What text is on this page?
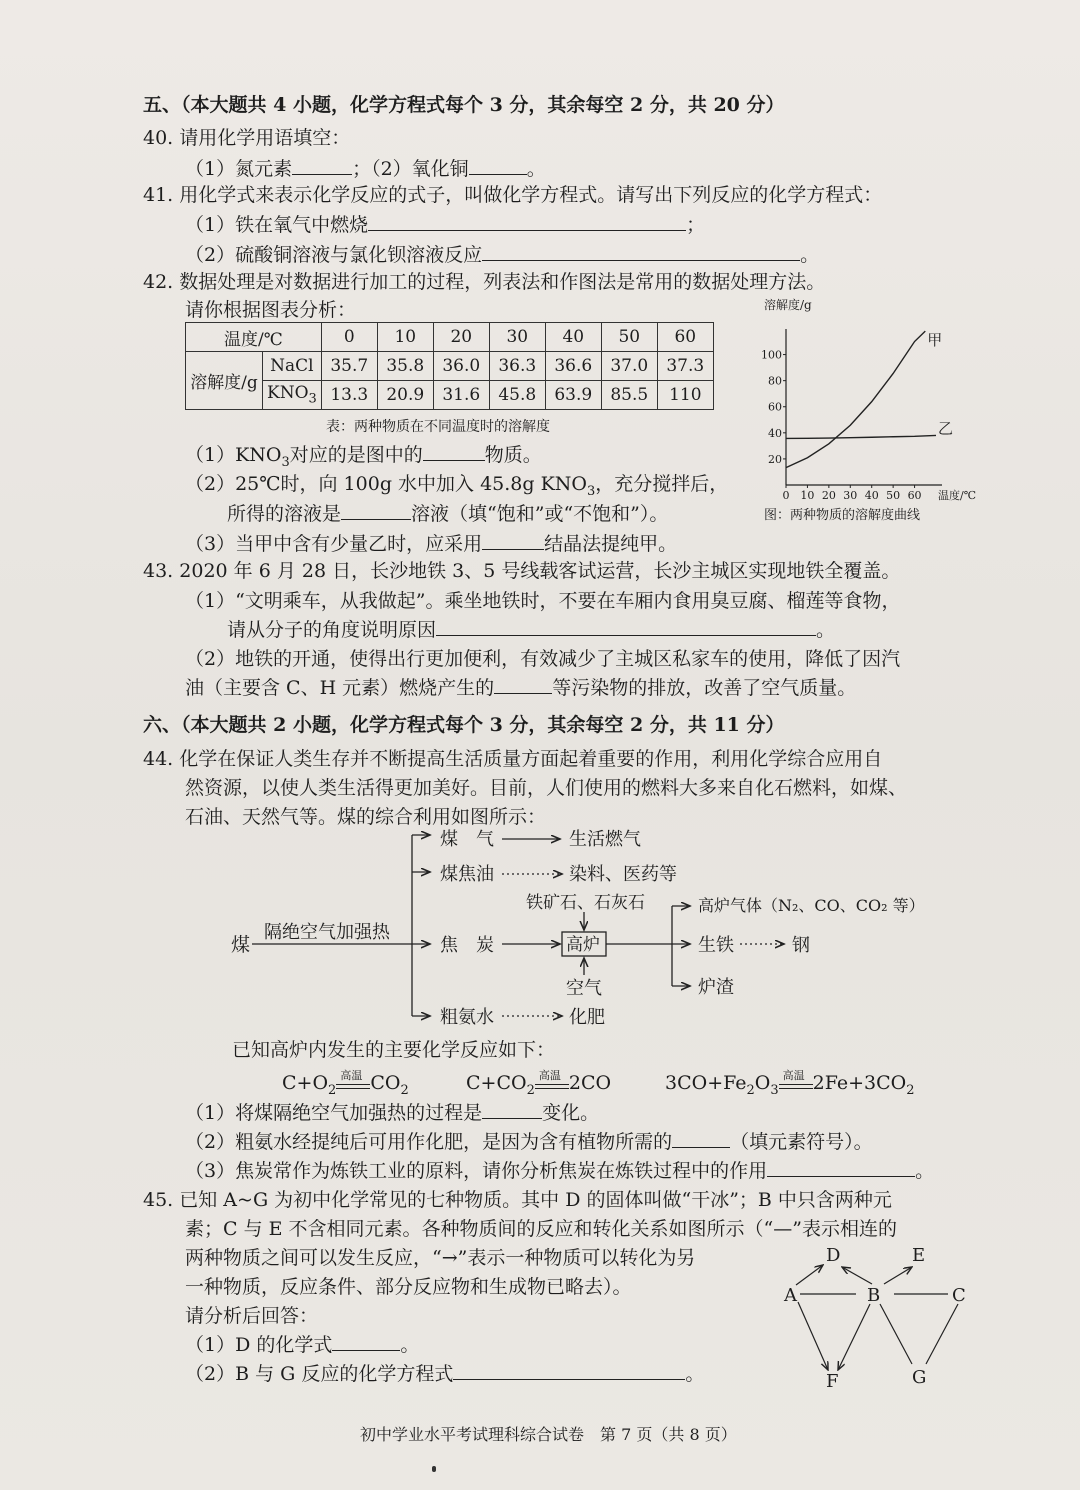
五、（本大题共 4 小题，化学方程式每个 3 分，其余每空 2 分，共 20 分）
40. 请用化学用语填空：
（1）氮元素	；（2）氧化铜	。
41. 用化学式来表示化学反应的式子，叫做化学方程式。请写出下列反应的化学方程式：
（1）铁在氧气中燃烧	；
（2）硫酸铜溶液与氯化钡溶液反应	。
42. 数据处理是对数据进行加工的过程，列表法和作图法是常用的数据处理方法。
请你根据图表分析：
温度/℃		0	10	20	30	40	50	60
溶解度/g	NaCl	35.7	35.8	36.0	36.3	36.6	37.0	37.3
	$KNO_3$	13.3	20.9	31.6	45.8	63.9	85.5	110
表：两种物质在不同温度时的溶解度
溶解度/g
20
40
60
80
100
0 10 20 30 40 50 60 温度/℃
甲
乙
图：两种物质的溶解度曲线
$(1)KNO_3$对应的是图中的	物质。
（2）25℃时，向 100g 水中加入 45.8g $KNO_3$，充分搅拌后，
所得的溶液是	溶液（填“饱和”或“不饱和”）。
（3）当甲中含有少量乙时，应采用	结晶法提纯甲。
43. 2020 年 6 月 28 日，长沙地铁 3、5 号线载客试运营，长沙主城区实现地铁全覆盖。
（1）“文明乘车，从我做起”。乘坐地铁时，不要在车厢内食用臭豆腐、榴莲等食物，
请从分子的角度说明原因	。
（2）地铁的开通，使得出行更加便利，有效减少了主城区私家车的使用，降低了因汽
油（主要含 C、H 元素）燃烧产生的	等污染物的排放，改善了空气质量。
六、（本大题共 2 小题，化学方程式每个 3 分，其余每空 2 分，共 11 分）
44. 化学在保证人类生存并不断提高生活质量方面起着重要的作用，利用化学综合应用自
然资源，以使人类生活得更加美好。目前，人们使用的燃料大多来自化石燃料，如煤、
石油、天然气等。煤的综合利用如图所示：
煤
隔绝空气加强热
煤　气	生活燃气
煤焦油	染料、医药等
焦　炭
铁矿石、石灰石
高炉
空气
粗氨水	化肥
高炉气体（N₂、CO、CO₂ 等）
生铁	钢
炉渣
已知高炉内发生的主要化学反应如下：
$C+O_2$
高温 $CO_2$	$C+CO_2$
高温 2CO	$3CO+Fe_2O_3$
高温 $2Fe+3CO_2$
（1）将煤隔绝空气加强热的过程是	变化。
（2）粗氨水经提纯后可用作化肥，是因为含有植物所需的	（填元素符号）。
（3）焦炭常作为炼铁工业的原料，请你分析焦炭在炼铁过程中的作用	。
45. 已知 A~G 为初中化学常见的七种物质。其中 D 的固体叫做“干冰”；B 中只含两种元
素；C 与 E 不含相同元素。各种物质间的反应和转化关系如图所示（“—”表示相连的
两种物质之间可以发生反应，“→”表示一种物质可以转化为另
一种物质，反应条件、部分反应物和生成物已略去）。
请分析后回答：
（1）D 的化学式	。
（2）B 与 G 反应的化学方程式	。
D	E
A	B	C
F	G
初中学业水平考试理科综合试卷　第 7 页（共 8 页）
